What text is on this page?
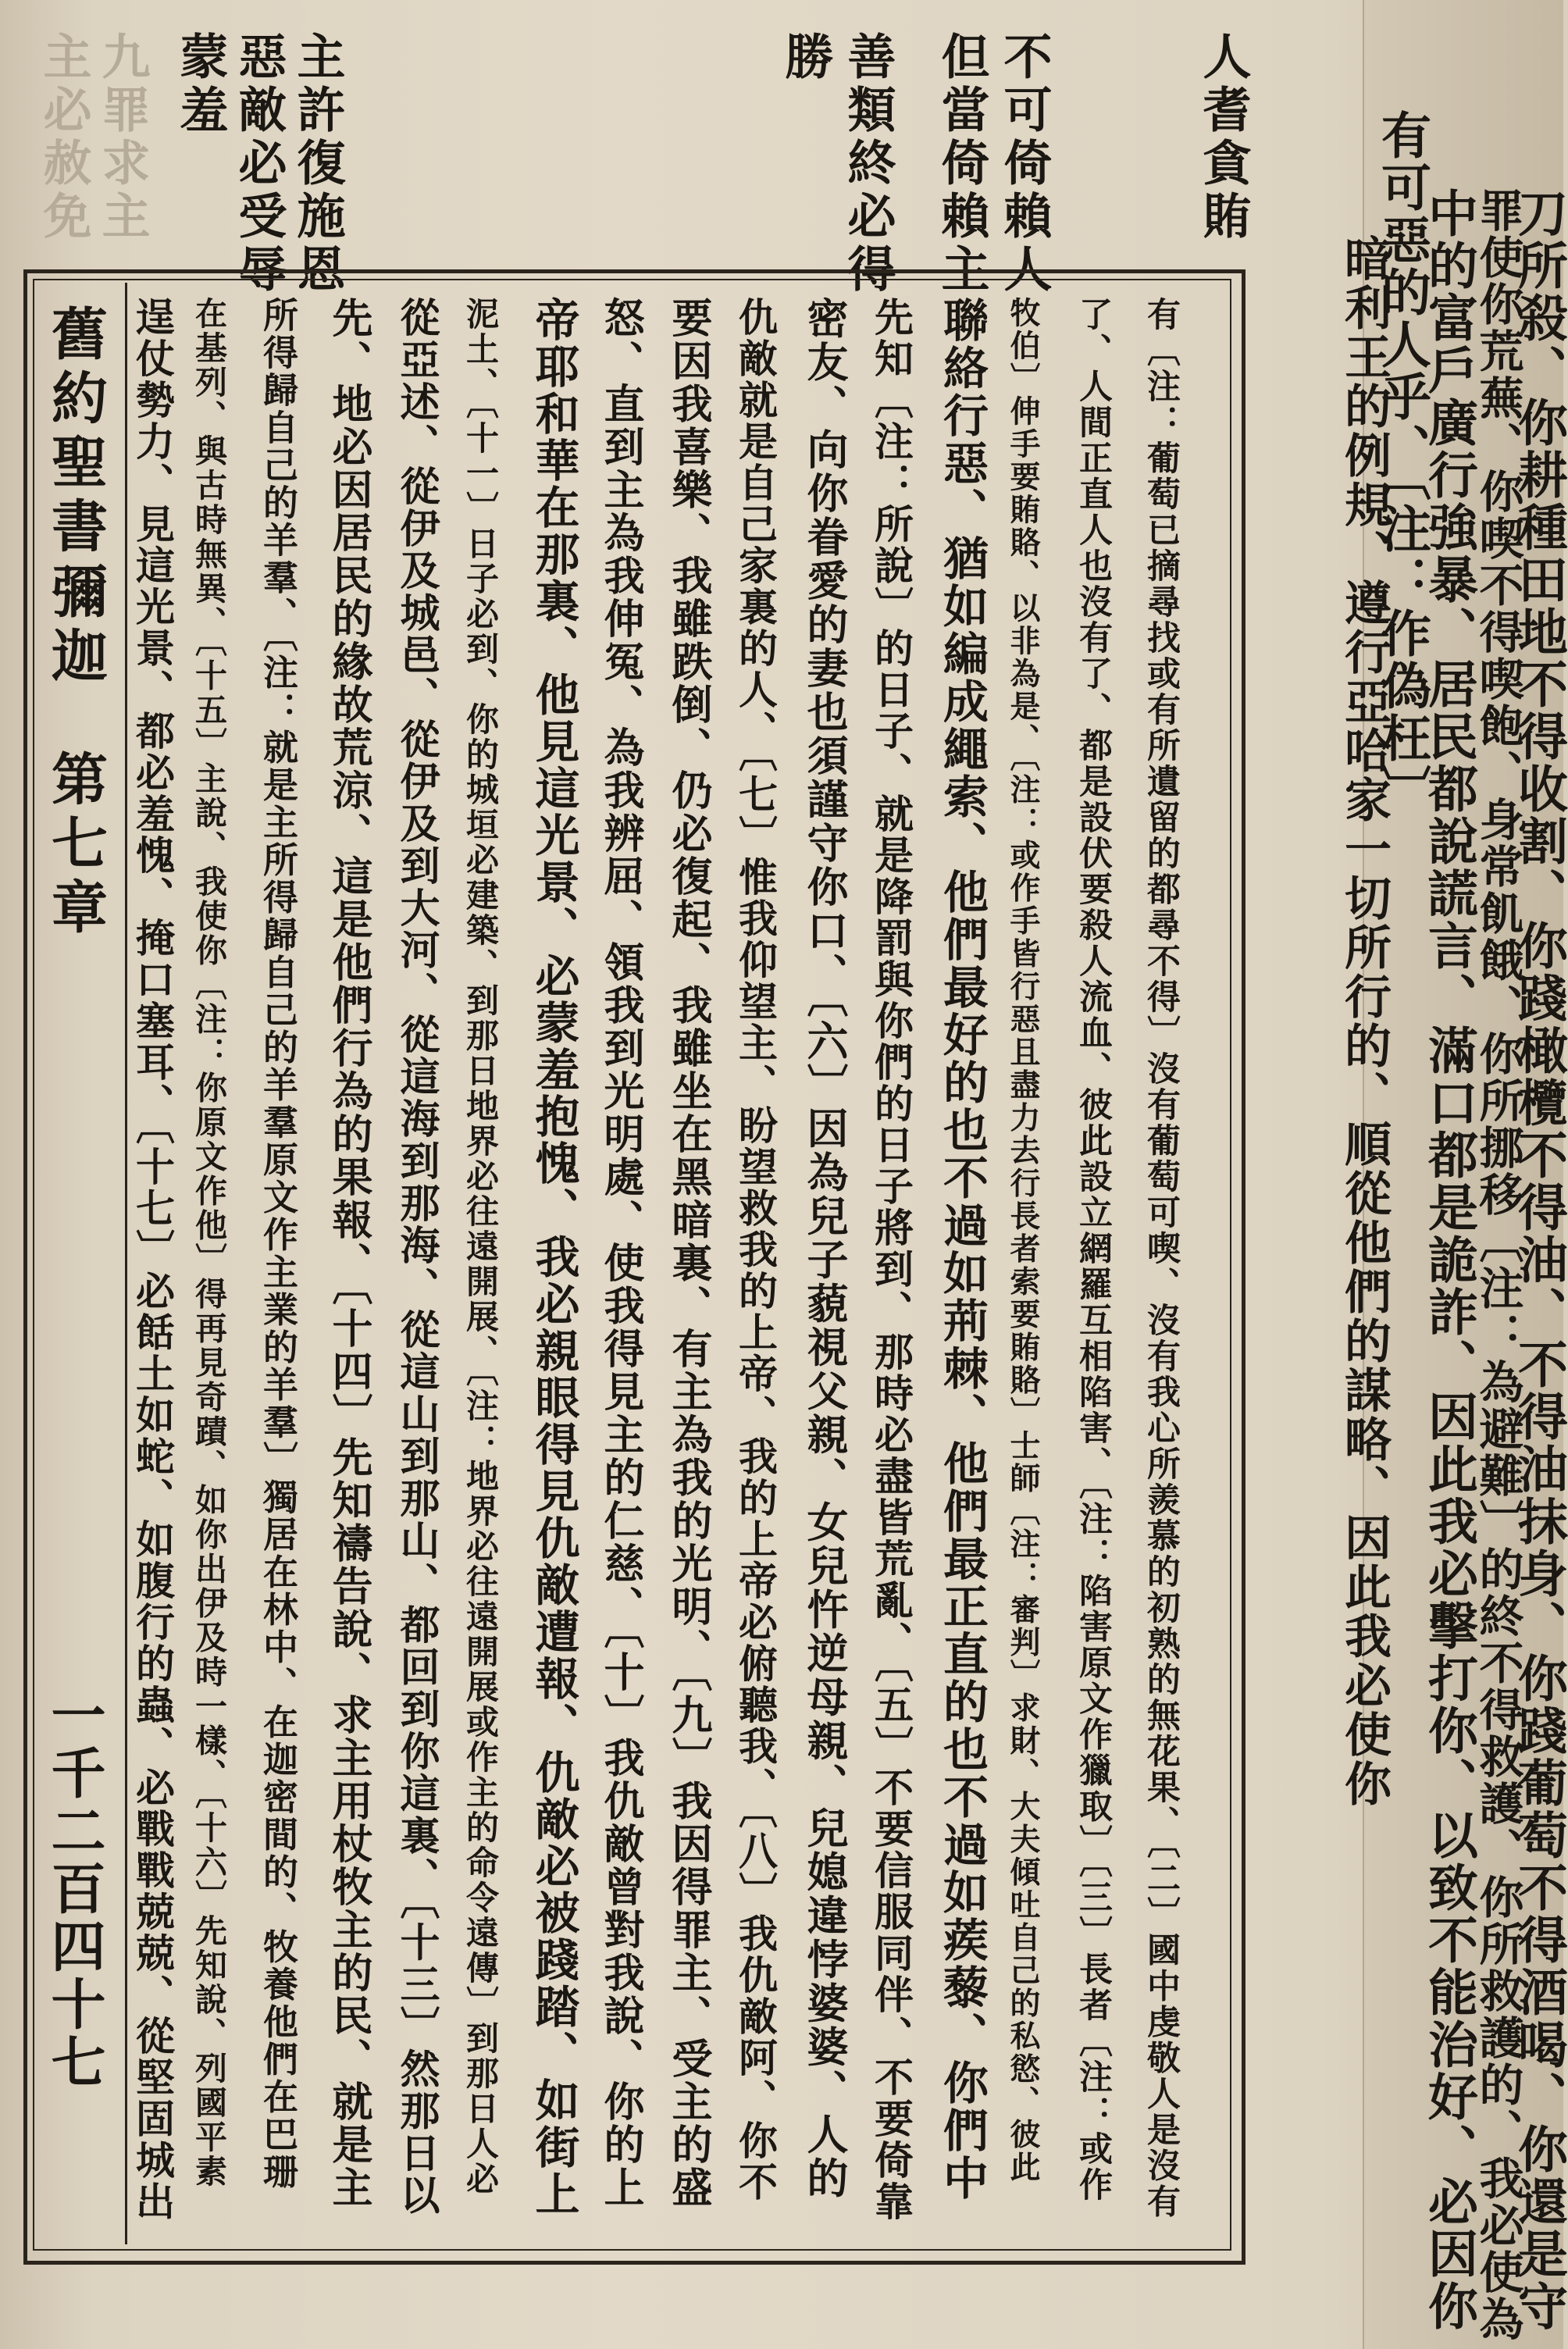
有可惡的人乎、〔注：作偽枉〕
中的富戶廣行強暴、居民都說謊言、滿口都是詭詐、因此我必擊打你、以致不能治好、必因你
罪使你荒蕪、你喫不得喫飽、身常飢餓、你所挪移〔注：為避難〕的終不得救護、你所救護的、我必使為
刀所殺、你耕種田地不得收割、你踐橄欖不得油、不得油抹身、你踐葡萄不得酒喝、你還是守
暗利王的例規、遵行亞哈家一切所行的、順從他們的謀略、因此我必使你
人耆貪賄
不可倚賴人
但當倚賴主
善類終必得
勝
主許復施恩
惡敵必受辱
蒙羞
九罪求主
主必赦免
舊約聖書
彌迦
第七章
一千二百四十七	有〔注：葡萄已摘尋找或有所遺留的都尋不得〕沒有葡萄可喫、沒有我心所羨慕的初熟的無花果、〔二〕國中虔敬人是沒有
了、人間正直人也沒有了、都是設伏要殺人流血、彼此設立網羅互相陷害、〔注：陷害原文作獵取〕〔三〕長者〔注：或作
牧伯〕伸手要賄賂、以非為是、〔注：或作手皆行惡且盡力去行長者索要賄賂〕士師〔注：審判〕求財、大夫傾吐自己的私慾、彼此
聯絡行惡、猶如編成繩索、他們最好的也不過如荊棘、他們最正直的也不過如蒺藜、你們中
先知〔注：所說〕的日子、就是降罰與你們的日子將到、那時必盡皆荒亂、〔五〕不要信服同伴、不要倚靠
密友、向你眷愛的妻也須謹守你口、〔六〕因為兒子藐視父親、女兒忤逆母親、兒媳違悖婆婆、人的
仇敵就是自己家裏的人、〔七〕惟我仰望主、盼望救我的上帝、我的上帝必俯聽我、〔八〕我仇敵阿、你不
要因我喜樂、我雖跌倒、仍必復起、我雖坐在黑暗裏、有主為我的光明、〔九〕我因得罪主、受主的盛
怒、直到主為我伸冤、為我辨屈、領我到光明處、使我得見主的仁慈、〔十〕我仇敵曾對我說、你的上
帝耶和華在那裏、他見這光景、必蒙羞抱愧、我必親眼得見仇敵遭報、仇敵必被踐踏、如街上
泥土、〔十一〕日子必到、你的城垣必建築、到那日地界必往遠開展、〔注：地界必往遠開展或作主的命令遠傳〕到那日人必
從亞述、從伊及城邑、從伊及到大河、從這海到那海、從這山到那山、都回到你這裏、〔十三〕然那日以
先、地必因居民的緣故荒涼、這是他們行為的果報、〔十四〕先知禱告說、求主用杖牧主的民、就是主
所得歸自己的羊羣、〔注：就是主所得歸自己的羊羣原文作主業的羊羣〕獨居在林中、在迦密間的、牧養他們在巴珊
在基列、與古時無異、〔十五〕主說、我使你〔注：你原文作他〕得再見奇蹟、如你出伊及時一樣、〔十六〕先知說、列國平素
逞仗勢力、見這光景、都必羞愧、掩口塞耳、〔十七〕必餂土如蛇、如腹行的蟲、必戰戰兢兢、從堅固城出
